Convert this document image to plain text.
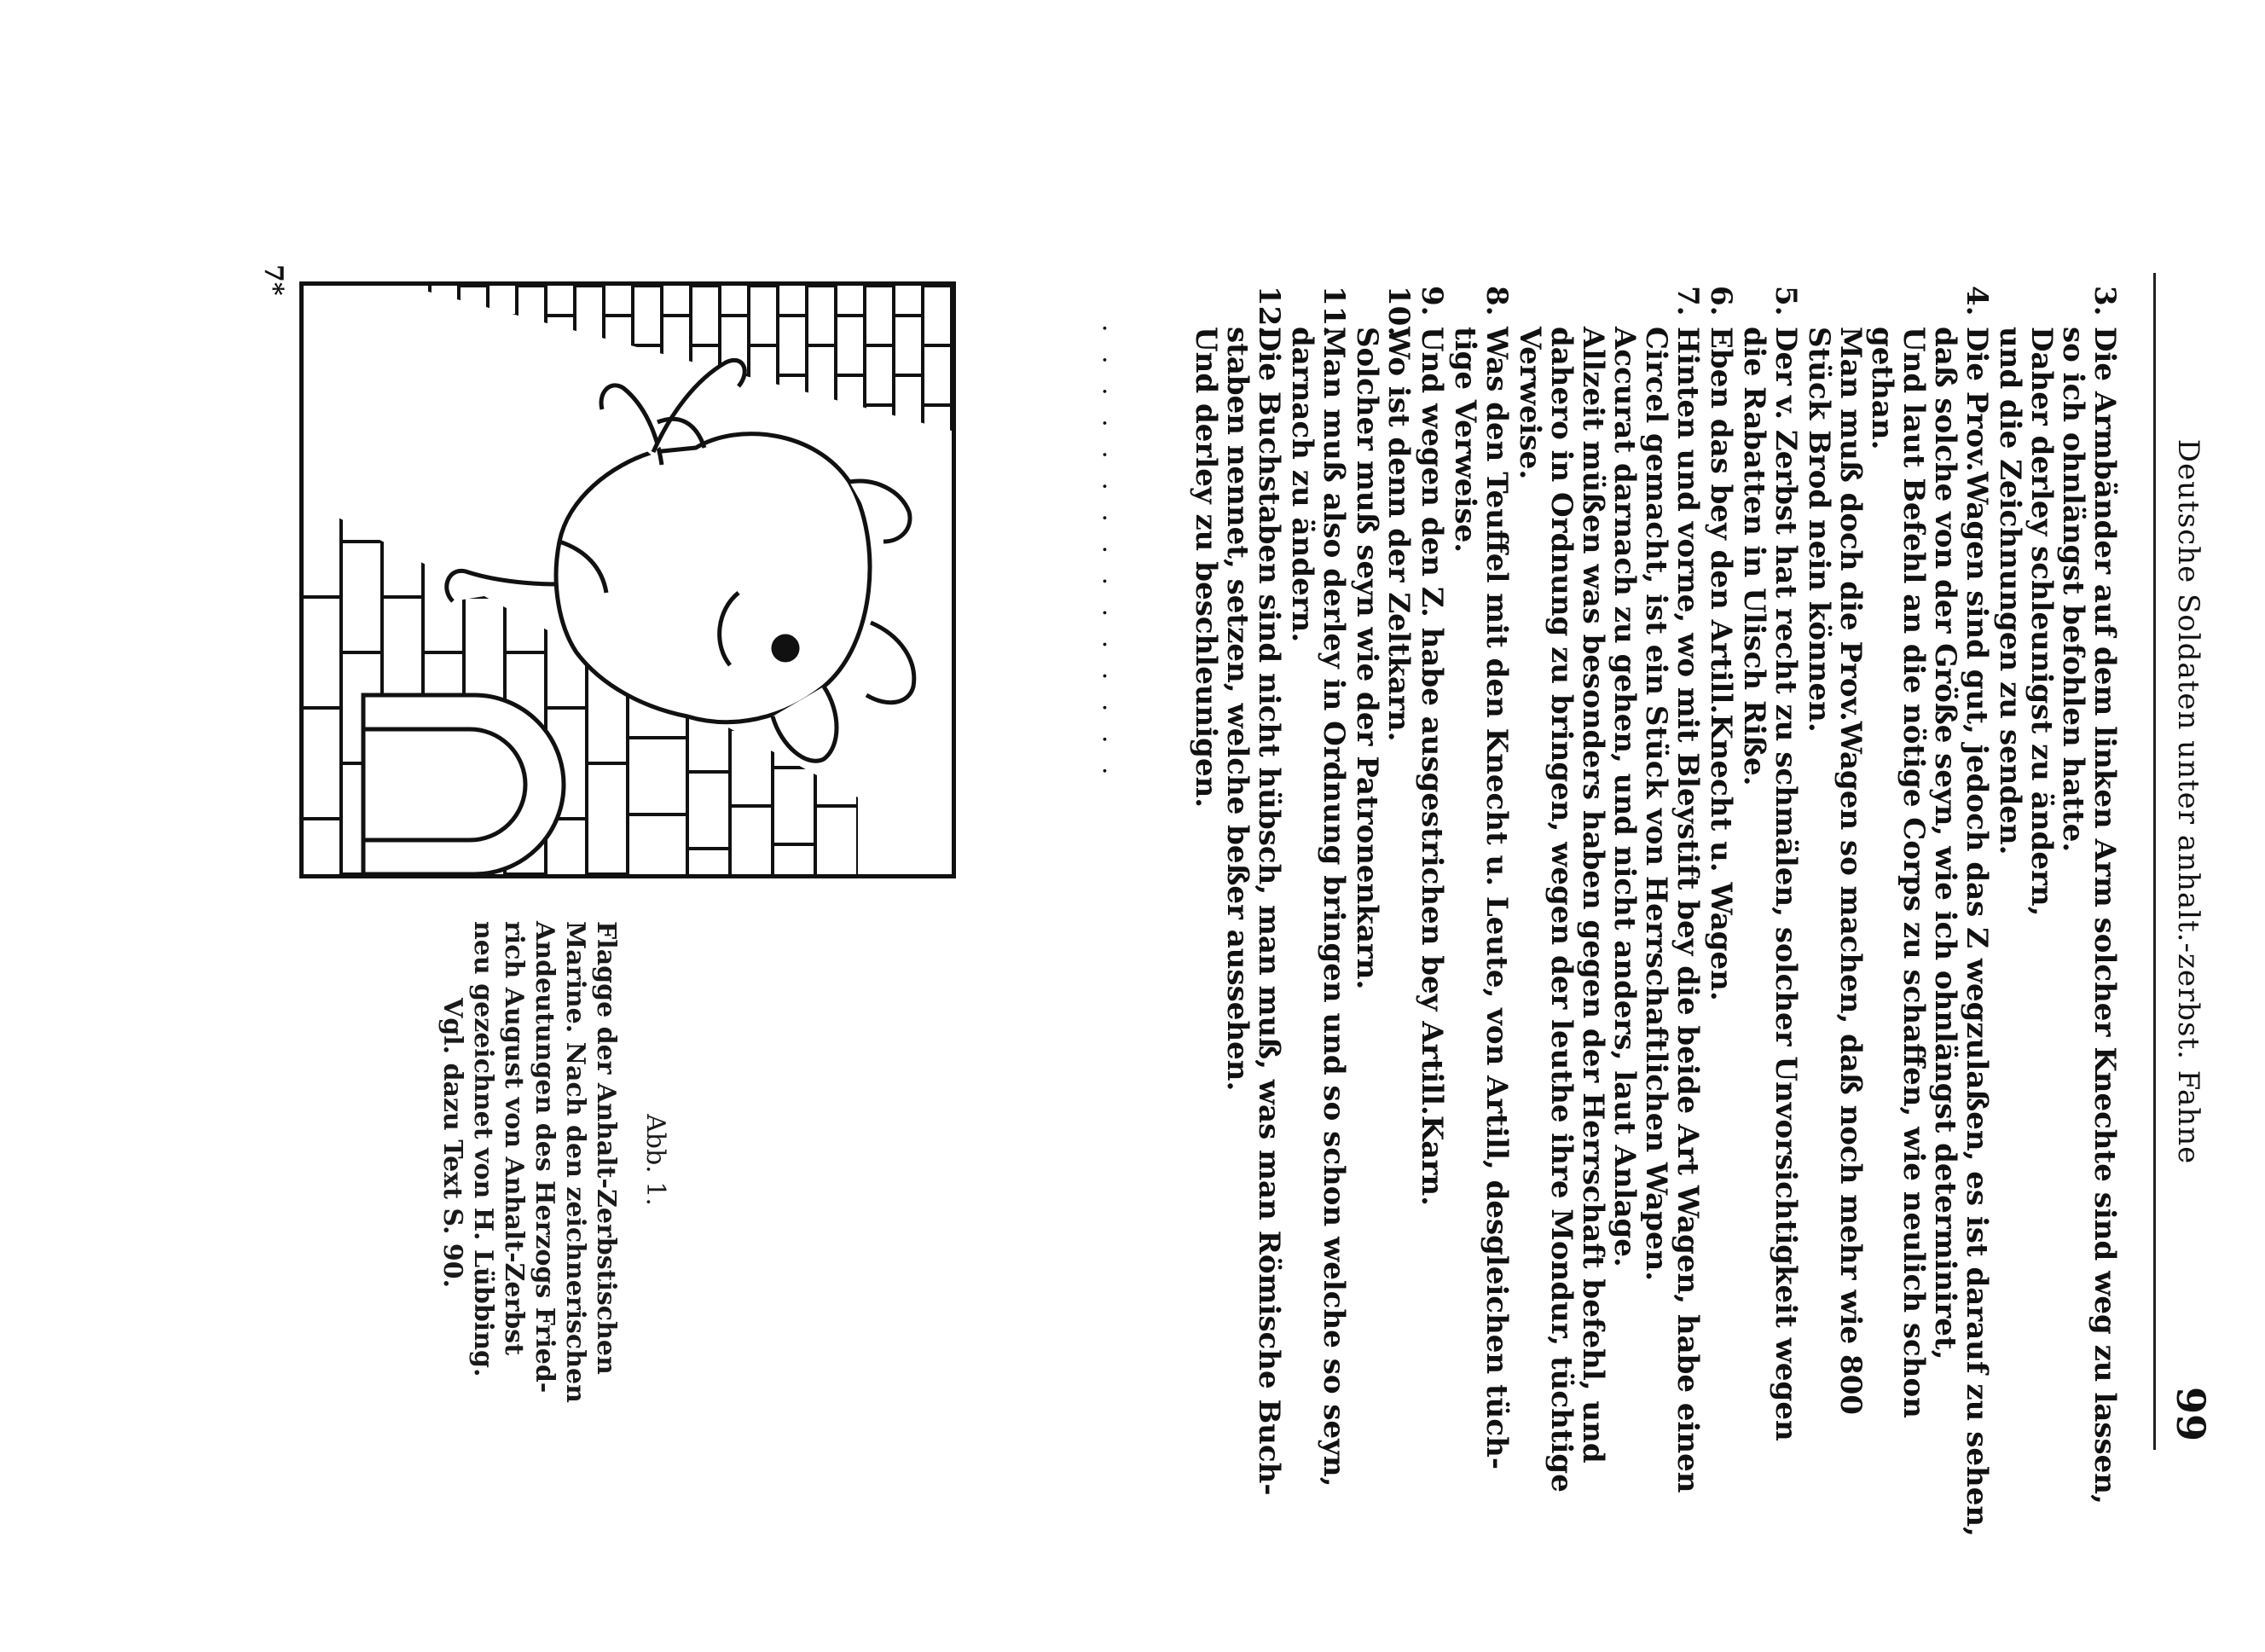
Deutsche Soldaten unter anhalt.-zerbst. Fahne
99
3.
Die Armbänder auf dem linken Arm solcher Knechte sind weg zu lassen,
so ich ohnlängst befohlen hatte.
Daher derley schleunigst zu ändern,
und die Zeichnungen zu senden.
4.
Die Prov.Wagen sind gut, jedoch das Z wegzulaßen, es ist darauf zu sehen,
daß solche von der Größe seyn, wie ich ohnlängst determiniret,
Und laut Befehl an die nötige Corps zu schaffen, wie neulich schon
gethan.
Man muß doch die Prov.Wagen so machen, daß noch mehr wie 800
Stück Brod nein können.
5.
Der v. Zerbst hat recht zu schmälen, solcher Unvorsichtigkeit wegen
die Rabatten in Ulisch Riße.
6.
Eben das bey den Artill.Knecht u. Wagen.
7.
Hinten und vorne, wo mit Bleystift bey die beide Art Wagen, habe einen
Circel gemacht, ist ein Stück von Herrschaftlichen Wapen.
Accurat darnach zu gehen, und nicht anders, laut Anlage.
Allzeit müßen was besonders haben gegen der Herrschaft befehl, und
dahero in Ordnung zu bringen, wegen der leuthe ihre Mondur, tüchtige
Verweise.
8.
Was den Teuffel mit den Knecht u. Leute, von Artill, desgleichen tüch-
tige Verweise.
9.
Und wegen den Z. habe ausgestrichen bey Artill.Karn.
10.
Wo ist denn der Zeltkarn.
Solcher muß seyn wie der Patronenkarn.
11.
Man muß also derley in Ordnung bringen und so schon welche so seyn,
darnach zu ändern.
12.
Die Buchstaben sind nicht hübsch, man muß, was man Römische Buch-
staben nennet, setzen, welche beßer aussehen.
Und derley zu beschleunigen.
. . . . . . . . . . . . . . .
Abb. 1.
Flagge der Anhalt-Zerbstischen
Marine. Nach den zeichnerischen
Andeutungen des Herzogs Fried-
rich August von Anhalt-Zerbst
neu gezeichnet von H. Lübbing.
Vgl. dazu Text S. 90.
7*
